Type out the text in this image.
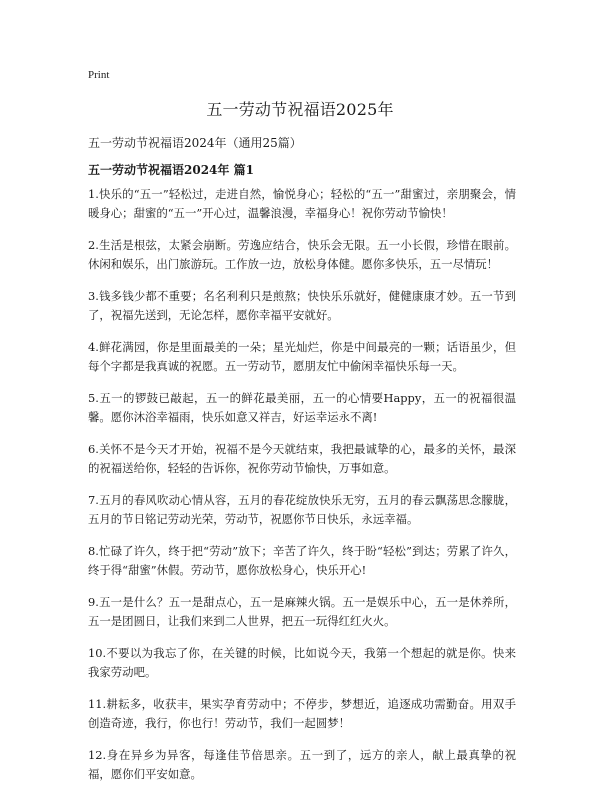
Print
五一劳动节祝福语2025年

五一劳动节祝福语2024年（通用25篇）

五一劳动节祝福语2024年 篇1

1.快乐的“五一”轻松过，走进自然，愉悦身心；轻松的“五一”甜蜜过，亲朋聚会，情暖身心；甜蜜的“五一”开心过，温馨浪漫，幸福身心！祝你劳动节愉快！

2.生活是根弦，太紧会崩断。劳逸应结合，快乐会无限。五一小长假，珍惜在眼前。休闲和娱乐，出门旅游玩。工作放一边，放松身体健。愿你多快乐，五一尽情玩！

3.钱多钱少都不重要；名名利利只是煎熬；快快乐乐就好，健健康康才妙。五一节到了，祝福先送到，无论怎样，愿你幸福平安就好。

4.鲜花满园，你是里面最美的一朵；星光灿烂，你是中间最亮的一颗；话语虽少，但每个字都是我真诚的祝愿。五一劳动节，愿朋友忙中偷闲幸福快乐每一天。

5.五一的锣鼓已敲起，五一的鲜花最美丽，五一的心情要Happy，五一的祝福很温馨。愿你沐浴幸福雨，快乐如意又祥吉，好运幸运永不离!

6.关怀不是今天才开始，祝福不是今天就结束，我把最诚挚的心，最多的关怀，最深的祝福送给你，轻轻的告诉你，祝你劳动节愉快，万事如意。

7.五月的春风吹动心情从容，五月的春花绽放快乐无穷，五月的春云飘荡思念朦胧，五月的节日铭记劳动光荣，劳动节，祝愿你节日快乐，永远幸福。

8.忙碌了许久，终于把“劳动”放下；辛苦了许久，终于盼“轻松”到达；劳累了许久，终于得“甜蜜”休假。劳动节，愿你放松身心，快乐开心!

9.五一是什么？五一是甜点心，五一是麻辣火锅。五一是娱乐中心，五一是休养所，五一是团圆日，让我们来到二人世界，把五一玩得红红火火。

10.不要以为我忘了你，在关键的时候，比如说今天，我第一个想起的就是你。快来我家劳动吧。

11.耕耘多，收获丰，果实孕育劳动中；不停步，梦想近，追逐成功需勤奋。用双手创造奇迹，我行，你也行！劳动节，我们一起圆梦！

12.身在异乡为异客，每逢佳节倍思亲。五一到了，远方的亲人，献上最真挚的祝福，愿你们平安如意。
